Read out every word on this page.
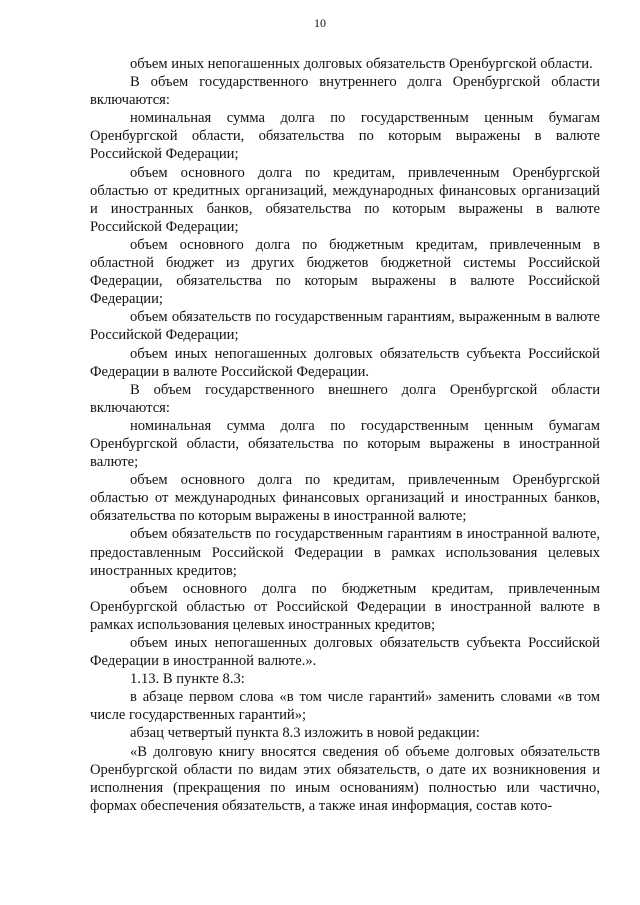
10

объем иных непогашенных долговых обязательств Оренбургской области.

В объем государственного внутреннего долга Оренбургской области включаются:

номинальная сумма долга по государственным ценным бумагам Оренбургской области, обязательства по которым выражены в валюте Российской Федерации;

объем основного долга по кредитам, привлеченным Оренбургской областью от кредитных организаций, международных финансовых организаций и иностранных банков, обязательства по которым выражены в валюте Российской Федерации;

объем основного долга по бюджетным кредитам, привлеченным в областной бюджет из других бюджетов бюджетной системы Российской Федерации, обязательства по которым выражены в валюте Российской Федерации;

объем обязательств по государственным гарантиям, выраженным в валюте Российской Федерации;

объем иных непогашенных долговых обязательств субъекта Российской Федерации в валюте Российской Федерации.

В объем государственного внешнего долга Оренбургской области включаются:

номинальная сумма долга по государственным ценным бумагам Оренбургской области, обязательства по которым выражены в иностранной валюте;

объем основного долга по кредитам, привлеченным Оренбургской областью от международных финансовых организаций и иностранных банков, обязательства по которым выражены в иностранной валюте;

объем обязательств по государственным гарантиям в иностранной валюте, предоставленным Российской Федерации в рамках использования целевых иностранных кредитов;

объем основного долга по бюджетным кредитам, привлеченным Оренбургской областью от Российской Федерации в иностранной валюте в рамках использования целевых иностранных кредитов;

объем иных непогашенных долговых обязательств субъекта Российской Федерации в иностранной валюте.».

1.13. В пункте 8.3:

в абзаце первом слова «в том числе гарантий» заменить словами «в том числе государственных гарантий»;

абзац четвертый пункта 8.3 изложить в новой редакции:

«В долговую книгу вносятся сведения об объеме долговых обязательств Оренбургской области по видам этих обязательств, о дате их возникновения и исполнения (прекращения по иным основаниям) полностью или частично, формах обеспечения обязательств, а также иная информация, состав кото-
